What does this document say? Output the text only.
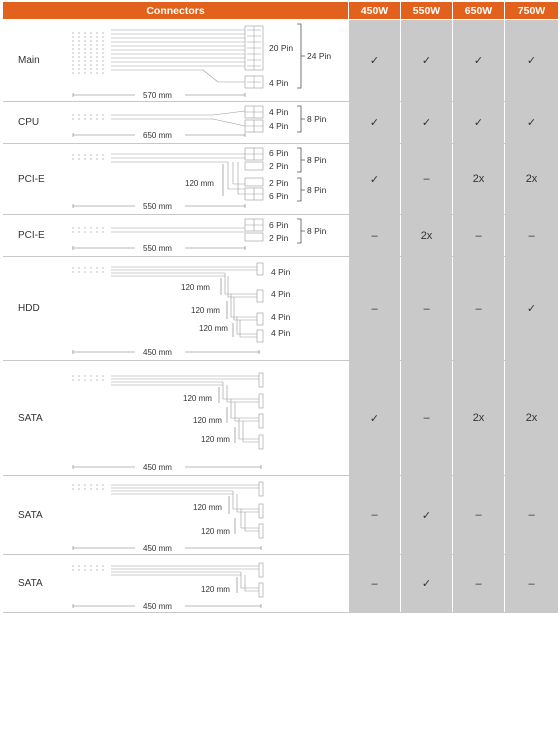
Connectors	450W	550W	650W	750W
Main
20 Pin
4 Pin
24 Pin
570 mm
✓	✓	✓	✓
CPU
4 Pin
4 Pin
8 Pin
650 mm
✓	✓	✓	✓
PCI-E
6 Pin
2 Pin
2 Pin
6 Pin
8 Pin
8 Pin
120 mm
550 mm
✓	–	2x	2x
PCI-E
6 Pin
2 Pin
8 Pin
550 mm
–	2x	–	–
HDD
4 Pin
4 Pin
4 Pin
4 Pin
120 mm
120 mm
120 mm
450 mm
–	–	–	✓
SATA
120 mm
120 mm
120 mm
450 mm
✓	–	2x	2x
SATA
120 mm
120 mm
450 mm
–	✓	–	–
SATA
120 mm
450 mm
–	✓	–	–
